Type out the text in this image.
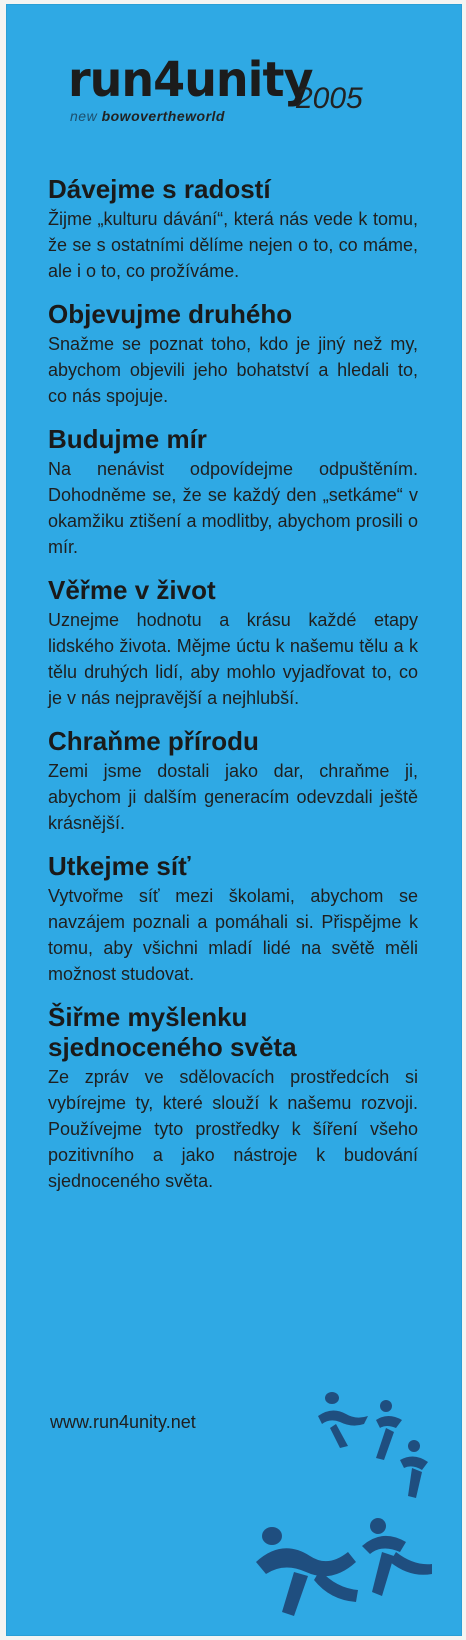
run4unity
2005
new bowovertheworld
Dávejme s radostí

Žijme „kulturu dávání“, která nás vede k tomu, že se s ostatními dělíme nejen o to, co máme, ale i o to, co prožíváme.

Objevujme druhého

Snažme se poznat toho, kdo je jiný než my, abychom objevili jeho bohatství a hledali to, co nás spojuje.

Budujme mír

Na nenávist odpovídejme odpuštěním. Dohodněme se, že se každý den „setkáme“ v okamžiku ztišení a modlitby, abychom prosili o mír.

Věřme v život

Uznejme hodnotu a krásu každé etapy lidského života. Mějme úctu k našemu tělu a k tělu druhých lidí, aby mohlo vyjadřovat to, co je v nás nejpravější a nejhlubší.

Chraňme přírodu

Zemi jsme dostali jako dar, chraňme ji, abychom ji dalším generacím odevzdali ještě krásnější.

Utkejme síť

Vytvořme síť mezi školami, abychom se navzájem poznali a pomáhali si. Přispějme k tomu, aby všichni mladí lidé na světě měli možnost studovat.

Šiřme myšlenku sjednoceného světa

Ze zpráv ve sdělovacích prostředcích si vybírejme ty, které slouží k našemu rozvoji. Používejme tyto prostředky k šíření všeho pozitivního a jako nástroje k budování sjednoceného světa.

www.run4unity.net
